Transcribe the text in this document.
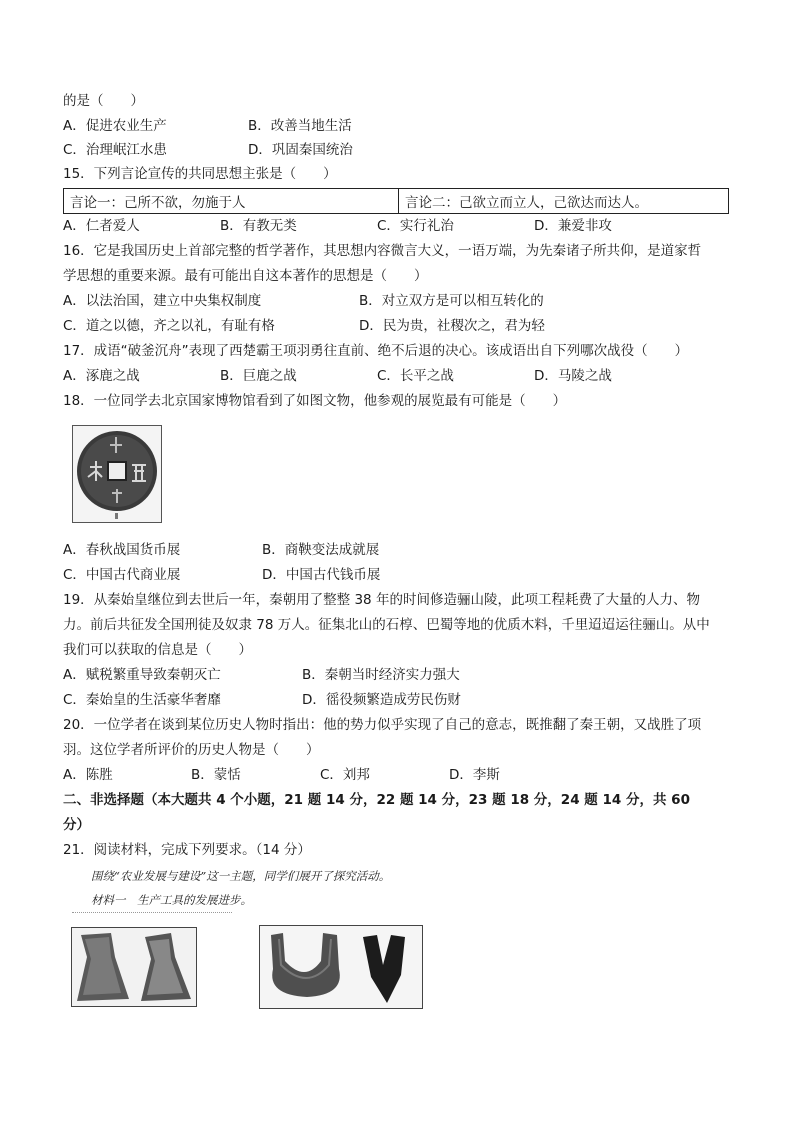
的是（　　）
A．促进农业生产	B．改善当地生活
C．治理岷江水患	D．巩固秦国统治
15．下列言论宣传的共同思想主张是（　　）
言论一：己所不欲，勿施于人	言论二：己欲立而立人，己欲达而达人。
A．仁者爱人	B．有教无类	C．实行礼治	D．兼爱非攻
16．它是我国历史上首部完整的哲学著作，其思想内容微言大义，一语万端，为先秦诸子所共仰，是道家哲
学思想的重要来源。最有可能出自这本著作的思想是（　　）
A．以法治国，建立中央集权制度	B．对立双方是可以相互转化的
C．道之以德，齐之以礼，有耻有格	D．民为贵，社稷次之，君为轻
17．成语“破釜沉舟”表现了西楚霸王项羽勇往直前、绝不后退的决心。该成语出自下列哪次战役（　　）
A．涿鹿之战	B．巨鹿之战	C．长平之战	D．马陵之战
18．一位同学去北京国家博物馆看到了如图文物，他参观的展览最有可能是（　　）
A．春秋战国货币展	B．商鞅变法成就展
C．中国古代商业展	D．中国古代钱币展
19．从秦始皇继位到去世后一年，秦朝用了整整 38 年的时间修造骊山陵，此项工程耗费了大量的人力、物
力。前后共征发全国刑徒及奴隶 78 万人。征集北山的石椁、巴蜀等地的优质木料，千里迢迢运往骊山。从中
我们可以获取的信息是（　　）
A．赋税繁重导致秦朝灭亡	B．秦朝当时经济实力强大
C．秦始皇的生活豪华奢靡	D．徭役频繁造成劳民伤财
20．一位学者在谈到某位历史人物时指出：他的势力似乎实现了自己的意志，既推翻了秦王朝，又战胜了项
羽。这位学者所评价的历史人物是（　　）
A．陈胜	B．蒙恬	C．刘邦	D．李斯
二、非选择题（本大题共 4 个小题，21 题 14 分，22 题 14 分，23 题 18 分，24 题 14 分，共 60
分）
21．阅读材料，完成下列要求。（14 分）
围绕“农业发展与建设”这一主题，同学们展开了探究活动。
材料一　生产工具的发展进步。
